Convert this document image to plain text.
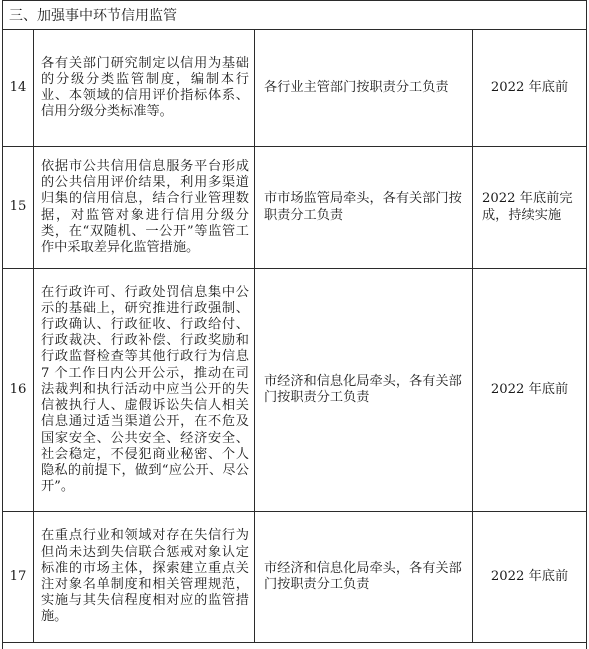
三、加强事中环节信用监管			
14	各有关部门研究制定以信用为基础的分级分类监管制度，编制本行业、本领域的信用评价指标体系、信用分级分类标准等。	各行业主管部门按职责分工负责	2022 年底前
15	依据市公共信用信息服务平台形成的公共信用评价结果，利用多渠道归集的信用信息，结合行业管理数据，对监管对象进行信用分级分类，在“双随机、一公开”等监管工作中采取差异化监管措施。	市市场监管局牵头，各有关部门按职责分工负责	2022 年底前完成，持续实施
16	在行政许可、行政处罚信息集中公示的基础上，研究推进行政强制、行政确认、行政征收、行政给付、行政裁决、行政补偿、行政奖励和行政监督检查等其他行政行为信息 7 个工作日内公开公示，推动在司法裁判和执行活动中应当公开的失信被执行人、虚假诉讼失信人相关信息通过适当渠道公开，在不危及国家安全、公共安全、经济安全、社会稳定，不侵犯商业秘密、个人隐私的前提下，做到“应公开、尽公开”。	市经济和信息化局牵头，各有关部门按职责分工负责	2022 年底前
17	在重点行业和领域对存在失信行为但尚未达到失信联合惩戒对象认定标准的市场主体，探索建立重点关注对象名单制度和相关管理规范，实施与其失信程度相对应的监管措施。	市经济和信息化局牵头，各有关部门按职责分工负责	2022 年底前
